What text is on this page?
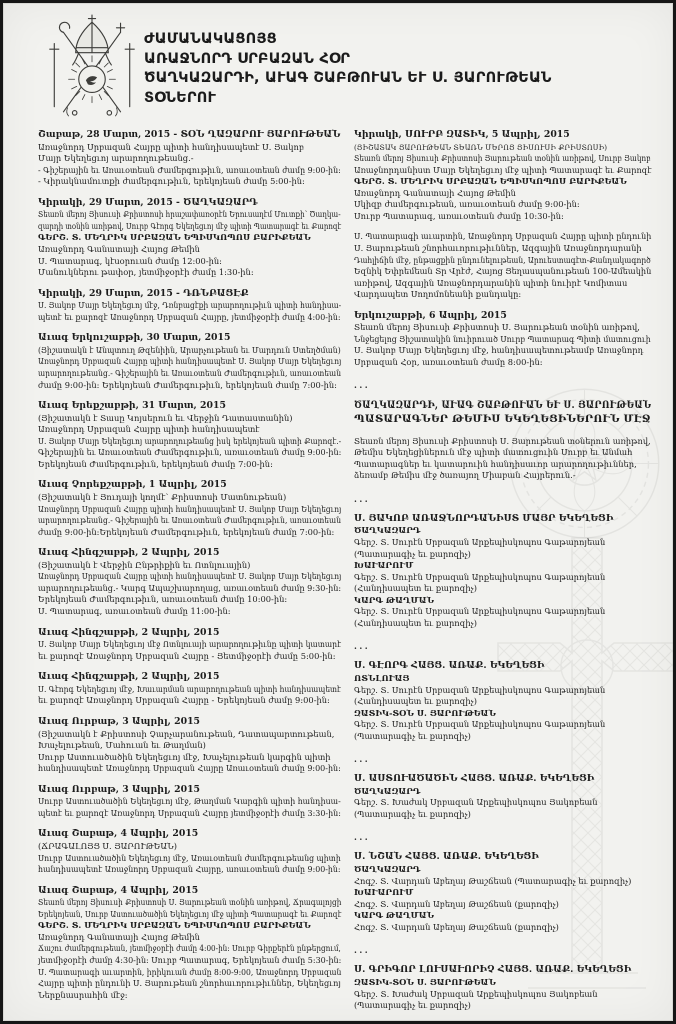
ԺԱՄԱՆԱԿԱՑՈՅՑ
ԱՌԱՋՆՈՐԴ ՍՐԲԱԶԱՆ ՀՕՐ
ԾԱՂԿԱԶԱՐԴԻ, ԱՒԱԳ ՇԱԲԹՈՒԱՆ ԵՒ Ս. ՅԱՐՈՒԹԵԱՆ
ՏՕՆԵՐՈՒ
Շաբաթ, 28 Մարտ, 2015 - ՏՕՆ ՂԱԶԱՐՈՒ ՅԱՐՈՒԹԵԱՆ
Առաջնորդ Սրբազան Հայրը պիտի հանդիսապետէ Ս. Յակոբ
Մայր Եկեղեցւոյ արարողութեանց.-
- Գիշերային եւ Առաւօտեան Ժամերգութիւն, առաւօտեան ժամը 9:00-ին:
- Կիրակնամուտքի ժամերգութիւն, երեկոյեան ժամը 5:00-ին:
Կիրակի, 29 Մարտ, 2015 - ԾԱՂԿԱԶԱՐԴ
Տեառն մերոյ Յիսուսի Քրիստոսի հրաշափառօրէն Երուսաղէմ Մուտքի՝ Ծաղկա-
զարդի տօնին առիթով, Սուրբ Գէորգ Եկեղեցւոյ մէջ պիտի Պատարագէ եւ Քարոզէ
ԳԵՐՇ. Տ. ՄԵՂՐԻԿ ՍՐԲԱԶԱՆ ԵՊԻՍԿՈՊՈՍ ԲԱՐԻՔԵԱՆ
Առաջնորդ Գանատայի Հայոց Թեմին
Ս. Պատարագ, կէսօրուան ժամը 12:00-ին:
Մանուկներու թափօր, յետմիջօրէի ժամը 1:30-ին:
Կիրակի, 29 Մարտ, 2015 - ԴՌՆԲԱՑԷՔ
Ս. Յակոբ Մայր Եկեղեցւոյ մէջ, Դռնբացէքի արարողութիւն պիտի հանդիսա-
պետէ եւ քարոզէ Առաջնորդ Սրբազան Հայրը, յետմիջօրէի ժամը 4:00-ին:
Աւագ Երկուշաբթի, 30 Մարտ, 2015
(Յիշատակն է Անպտուղ Թզենիին, Արարչութեան եւ Մարդուն Ստեղծման)
Առաջնորդ Սրբազան Հայրը պիտի հանդիսապետէ Ս. Յակոբ Մայր Եկեղեցւոյ
արարողութեանց.- Գիշերային եւ Առաւօտեան Ժամերգութիւն, առաւօտեան
ժամը 9:00-ին: Երեկոյեան Ժամերգութիւն, երեկոյեան ժամը 7:00-ին:
Աւագ Երեքշաբթի, 31 Մարտ, 2015
(Յիշատակն է Տասը Կոյսերուն եւ Վերջին Դատաստանին)
Առաջնորդ Սրբազան Հայրը պիտի հանդիսապետէ
Ս. Յակոբ Մայր Եկեղեցւոյ արարողութեանց իսկ երեկոյեան պիտի Քարոզէ.-
Գիշերային եւ Առաւօտեան Ժամերգութիւն, առաւօտեան ժամը 9:00-ին:
Երեկոյեան Ժամերգութիւն, երեկոյեան ժամը 7:00-ին:
Աւագ Չորեքշաբթի, 1 Ապրիլ, 2015
(Յիշատակն է Յուդայի կողմէ՝ Քրիստոսի Մատնութեան)
Առաջնորդ Սրբազան Հայրը պիտի հանդիսապետէ Ս. Յակոբ Մայր Եկեղեցւոյ
արարողութեանց.- Գիշերային եւ Առաւօտեան Ժամերգութիւն, առաւօտեան
ժամը 9:00-ին:Երեկոյեան Ժամերգութիւն, երեկոյեան ժամը 7:00-ին:
Աւագ Հինգշաբթի, 2 Ապրիլ, 2015
(Յիշատակն է Վերջին Ընթրիքին եւ Ոտնլուային)
Առաջնորդ Սրբազան Հայրը պիտի հանդիսապետէ Ս. Յակոբ Մայր Եկեղեցւոյ
արարողութեանց.- Կարգ Ապաշխարողաց, առաւօտեան ժամը 9:30-ին:
Երեկոյեան Ժամերգութիւն, առաւօտեան ժամը 10:00-ին:
Ս. Պատարագ, առաւօտեան ժամը 11:00-ին:
Աւագ Հինգշաբթի, 2 Ապրիլ, 2015
Ս. Յակոբ Մայր Եկեղեցւոյ մէջ Ոտնլուայի արարողութիւնը պիտի կատարէ
եւ քարոզէ Առաջնորդ Սրբազան Հայրը - Յետմիջօրէի ժամը 5:00-ին:
Աւագ Հինգշաբթի, 2 Ապրիլ, 2015
Ս. Գէորգ Եկեղեցւոյ մէջ, Խաւարման արարողութեան պիտի հանդիսապետէ
եւ քարոզէ Առաջնորդ Սրբազան Հայրը - Երեկոյեան ժամը 9:00-ին:
Աւագ Ուրբաթ, 3 Ապրիլ, 2015
(Յիշատակն է Քրիստոսի Չարչարանութեան, Դատապարտութեան,
Խաչելութեան, Մահուան եւ Թաղման)
Սուրբ Աստուածածին Եկեղեցւոյ մէջ, Խաչելութեան կարգին պիտի
հանդիսապետէ Առաջնորդ Սրբազան Հայրը Առաւօտեան ժամը 9:00-ին:
Աւագ Ուրբաթ, 3 Ապրիլ, 2015
Սուրբ Աստուածածին Եկեղեցւոյ մէջ, Թաղման Կարգին պիտի հանդիսա-
պետէ եւ քարոզէ Առաջնորդ Սրբազան Հայրը յետմիջօրէի ժամը 3:30-ին:
Աւագ Շաբաթ, 4 Ապրիլ, 2015
(ՃՐԱԳԱԼՈՅՑ Ս. ՅԱՐՈՒԹԵԱՆ)
Սուրբ Աստուածածին Եկեղեցւոյ մէջ, Առաւօտեան ժամերգութեանց պիտի
հանդիսապետէ Առաջնորդ Սրբազան Հայրը, առաւօտեան ժամը 9:00-ին:
Աւագ Շաբաթ, 4 Ապրիլ, 2015
Տեառն մերոյ Յիսուսի Քրիստոսի Ս. Յարութեան տօնին առիթով, Ճրագալոյցի
Երեկոյեան, Սուրբ Աստուածածին Եկեղեցւոյ մէջ պիտի Պատարագէ եւ Քարոզէ
ԳԵՐՇ. Տ. ՄԵՂՐԻԿ ՍՐԲԱԶԱՆ ԵՊԻՍԿՈՊՈՍ ԲԱՐԻՔԵԱՆ
Առաջնորդ Գանատայի Հայոց Թեմին
Ճաշու ժամերգութեան, յետմիջօրէի ժամը 4:00-ին: Սուրբ Գիրքերէն ընթերցում,
յետմիջօրէի ժամը 4:30-ին: Սուրբ Պատարագ, Երեկոյեան ժամը 5:30-ին:
Ս. Պատարագի աւարտին, իրիկուան ժամը 8:00-9:00, Առաջնորդ Սրբազան
Հայրը պիտի ընդունի Ս. Յարութեան շնորհաւորութիւններ, Եկեղեցւոյ
Ներքնասրահին մէջ:
Կիրակի, ՍՈՒՐԲ ԶԱՏԻԿ, 5 Ապրիլ, 2015
(ՅԻՇԱՏԱԿ ՅԱՐՈՒԹԵԱՆ ՏԵԱՌՆ ՄԵՐՈՅ ՅԻՍՈՒՍԻ ՔՐԻՍՏՈՍԻ)
Տեառն մերոյ Յիսուսի Քրիստոսի Յարութեան տօնին առիթով, Սուրբ Յակոբ
Առաջնորդանիստ Մայր Եկեղեցւոյ մէջ պիտի Պատարագէ եւ Քարոզէ
ԳԵՐՇ. Տ. ՄԵՂՐԻԿ ՍՐԲԱԶԱՆ ԵՊԻՍԿՈՊՈՍ ԲԱՐԻՔԵԱՆ
Առաջնորդ Գանատայի Հայոց Թեմին
Սկիզբ ժամերգութեան, առաւօտեան ժամը 9:00-ին:
Սուրբ Պատարագ, առաւօտեան ժամը 10:30-ին:
Ս. Պատարագի աւարտին, Առաջնորդ Սրբազան Հայրը պիտի ընդունի
Ս. Յարութեան շնորհաւորութիւններ, Ազգային Առաջնորդարանի
Դահլիճին մէջ, ընթացքին ընդունելութեան, Արուեստագէտ-Քանդակագործ
Եզնիկ Եփրեմեան Տր Վրէժ, Հայոց Ցեղասպանութեան 100-Ամեակին
առիթով, Ազգային Առաջնորդարանին պիտի նուիրէ Կոմիտաս
Վարդապետ Սողոմոնեանի քանդակը:
Երկուշաբթի, 6 Ապրիլ, 2015
Տեառն մերոյ Յիսուսի Քրիստոսի Ս. Յարութեան տօնին առիթով,
Ննջեցելոց Յիշատակին նուիրուած Սուրբ Պատարագ Պիտի մատուցուի
Ս. Յակոբ Մայր Եկեղեցւոյ մէջ, հանդիսապետութեամբ Առաջնորդ
Սրբազան Հօր, առաւօտեան ժամը 8:00-ին:
...
ԾԱՂԿԱԶԱՐԴԻ, ԱՒԱԳ ՇԱԲԹՈՒԱՆ ԵՒ Ս. ՅԱՐՈՒԹԵԱՆ
ՊԱՏԱՐԱԳՆԵՐ ԹԵՄԻՍ ԵԿԵՂԵՑԻՆԵՐՈՒՆ ՄԷՋ
Տեառն մերոյ Յիսուսի Քրիստոսի Ս. Յարութեան տօներուն առիթով,
Թեմիս Եկեղեցիներուն մէջ պիտի մատուցուին Սուրբ եւ Անմահ
Պատարագներ եւ կատարուին հանդիսաւոր արարողութիւններ,
ձեռամբ Թեմիս մէջ ծառայող Միաբան Հայրերուն.-
...
Ս. ՅԱԿՈԲ ԱՌԱՋՆՈՐԴԱՆԻՍՏ ՄԱՅՐ ԵԿԵՂԵՑԻ
ԾԱՂԿԱԶԱՐԴ
Գերշ. Տ. Սուրէն Սրբազան Արքեպիսկոպոս Գաթարոյեան
(Պատարագիչ եւ քարոզիչ)
ԽԱՒԱՐՈՒՄ
Գերշ. Տ. Սուրէն Սրբազան Արքեպիսկոպոս Գաթարոյեան
(Հանդիսապետ եւ քարոզիչ)
ԿԱՐԳ ԹԱՂՄԱՆ
Գերշ. Տ. Սուրէն Սրբազան Արքեպիսկոպոս Գաթարոյեան
(Հանդիսապետ եւ քարոզիչ)
...
Ս. ԳԷՈՐԳ ՀԱՅՑ. ԱՌԱՔ. ԵԿԵՂԵՑԻ
ՈՏՆԼՈՒԱՅ
Գերշ. Տ. Սուրէն Սրբազան Արքեպիսկոպոս Գաթարոյեան
(Հանդիսապետ եւ քարոզիչ)
ԶԱՏԻԿ-ՏՕՆ Ս. ՅԱՐՈՒԹԵԱՆ
Գերշ. Տ. Սուրէն Սրբազան Արքեպիսկոպոս Գաթարոյեան
(Պատարագիչ եւ քարոզիչ)
...
Ս. ԱՍՏՈՒԱԾԱԾԻՆ ՀԱՅՑ. ԱՌԱՔ. ԵԿԵՂԵՑԻ
ԾԱՂԿԱԶԱՐԴ
Գերշ. Տ. Խաժակ Սրբազան Արքեպիսկոպոս Յակոբեան
(Պատարագիչ եւ քարոզիչ)
...
Ս. ՆՇԱՆ ՀԱՅՑ. ԱՌԱՔ. ԵԿԵՂԵՑԻ
ԾԱՂԿԱԶԱՐԴ
Հոգշ. Տ. Վարդան Աբեղայ Թաշճեան (Պատարագիչ եւ քարոզիչ)
ԽԱՒԱՐՈՒՄ
Հոգշ. Տ. Վարդան Աբեղայ Թաշճեան (քարոզիչ)
ԿԱՐԳ ԹԱՂՄԱՆ
Հոգշ. Տ. Վարդան Աբեղայ Թաշճեան (քարոզիչ)
...
Ս. ԳՐԻԳՈՐ ԼՈՒՍԱՒՈՐԻՉ ՀԱՅՑ. ԱՌԱՔ. ԵԿԵՂԵՑԻ
ԶԱՏԻԿ-ՏՕՆ Ս. ՅԱՐՈՒԹԵԱՆ
Գերշ. Տ. Խաժակ Սրբազան Արքեպիսկոպոս Յակոբեան
(Պատարագիչ եւ քարոզիչ)
